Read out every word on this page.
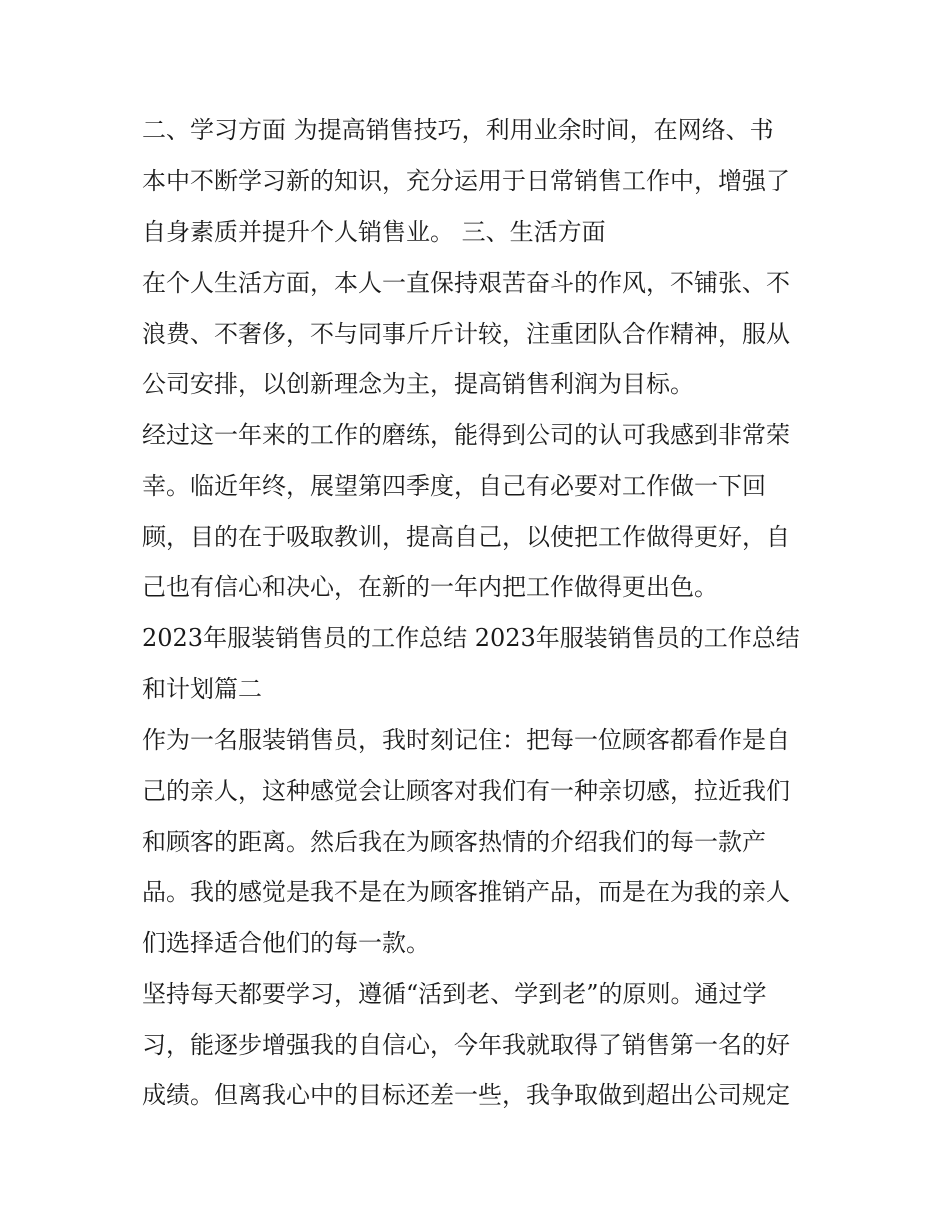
二、学习方面 为提高销售技巧，利用业余时间，在网络、书
本中不断学习新的知识，充分运用于日常销售工作中，增强了
自身素质并提升个人销售业。 三、生活方面
在个人生活方面，本人一直保持艰苦奋斗的作风，不铺张、不
浪费、不奢侈，不与同事斤斤计较，注重团队合作精神，服从
公司安排，以创新理念为主，提高销售利润为目标。
经过这一年来的工作的磨练，能得到公司的认可我感到非常荣
幸。临近年终，展望第四季度，自己有必要对工作做一下回
顾，目的在于吸取教训，提高自己，以使把工作做得更好，自
己也有信心和决心，在新的一年内把工作做得更出色。
2023年服装销售员的工作总结 2023年服装销售员的工作总结
和计划篇二
作为一名服装销售员，我时刻记住：把每一位顾客都看作是自
己的亲人，这种感觉会让顾客对我们有一种亲切感，拉近我们
和顾客的距离。然后我在为顾客热情的介绍我们的每一款产
品。我的感觉是我不是在为顾客推销产品，而是在为我的亲人
们选择适合他们的每一款。
坚持每天都要学习，遵循“活到老、学到老”的原则。通过学
习，能逐步增强我的自信心，今年我就取得了销售第一名的好
成绩。但离我心中的目标还差一些，我争取做到超出公司规定
